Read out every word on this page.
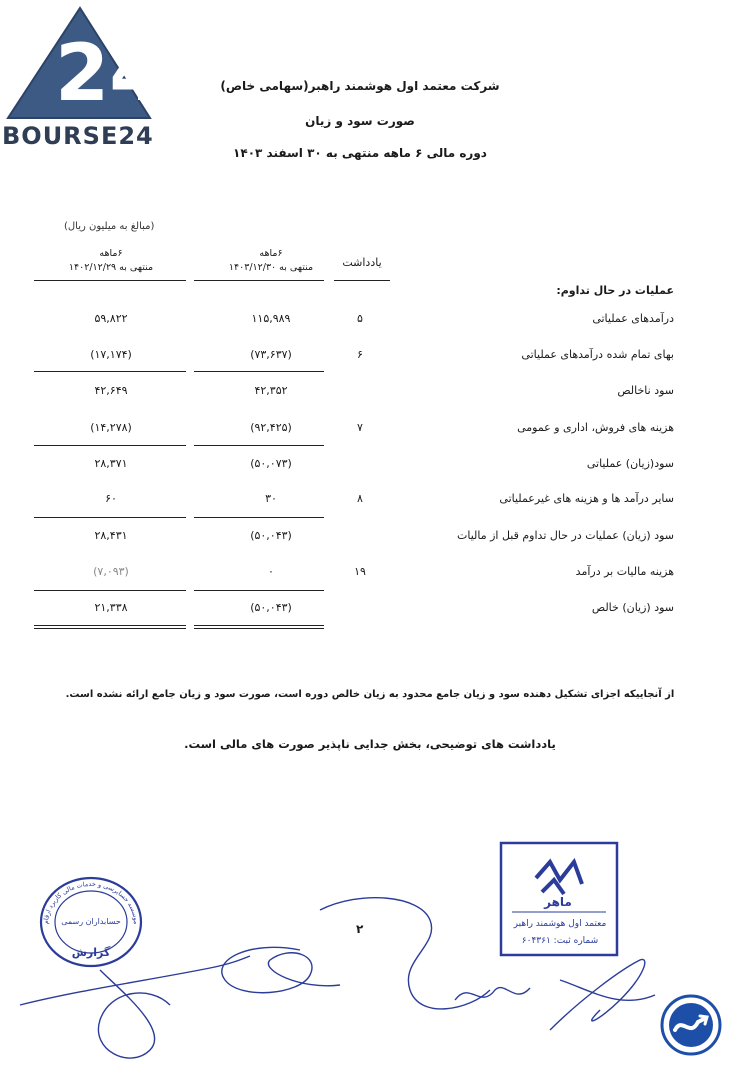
24
BOURSE24
شرکت معتمد اول هوشمند راهبر(سهامی خاص)
صورت سود و زیان
دوره مالی ۶ ماهه منتهی به ۳۰ اسفند ۱۴۰۳
(مبالغ به میلیون ریال)
۶ماهه
منتهی به ۱۴۰۲/۱۲/۲۹
۶ماهه
منتهی به ۱۴۰۳/۱۲/۳۰	یادداشت
عملیات در حال تداوم:
درآمدهای عملیاتی
۵
۱۱۵,۹۸۹
۵۹,۸۲۲
بهای تمام شده درآمدهای عملیاتی
۶
(۷۳,۶۳۷)
(۱۷,۱۷۴)
سود ناخالص
۴۲,۳۵۲
۴۲,۶۴۹
هزینه های فروش، اداری و عمومی
۷
(۹۲,۴۲۵)
(۱۴,۲۷۸)
سود(زیان) عملیاتی
(۵۰,۰۷۳)
۲۸,۳۷۱
سایر درآمد ها و هزینه های غیرعملیاتی
۸
۳۰
۶۰
سود (زیان) عملیات در حال تداوم قبل از مالیات
(۵۰,۰۴۳)
۲۸,۴۳۱
هزینه مالیات بر درآمد
۱۹
۰
(۷,۰۹۳)
سود (زیان) خالص
(۵۰,۰۴۳)
۲۱,۳۳۸
از آنجاییکه اجزای تشکیل دهنده سود و زیان جامع محدود به زیان خالص دوره است، صورت سود و زیان جامع ارائه نشده است.
یادداشت های توضیحی، بخش جدایی ناپذیر صورت های مالی است.
موسسه حسابرسی و خدمات مالی کاربرد ارقام
حسابداران رسمی
گزارش
ماهر
معتمد اول هوشمند راهبر
شماره ثبت: ۶۰۴۳۶۱
۲
